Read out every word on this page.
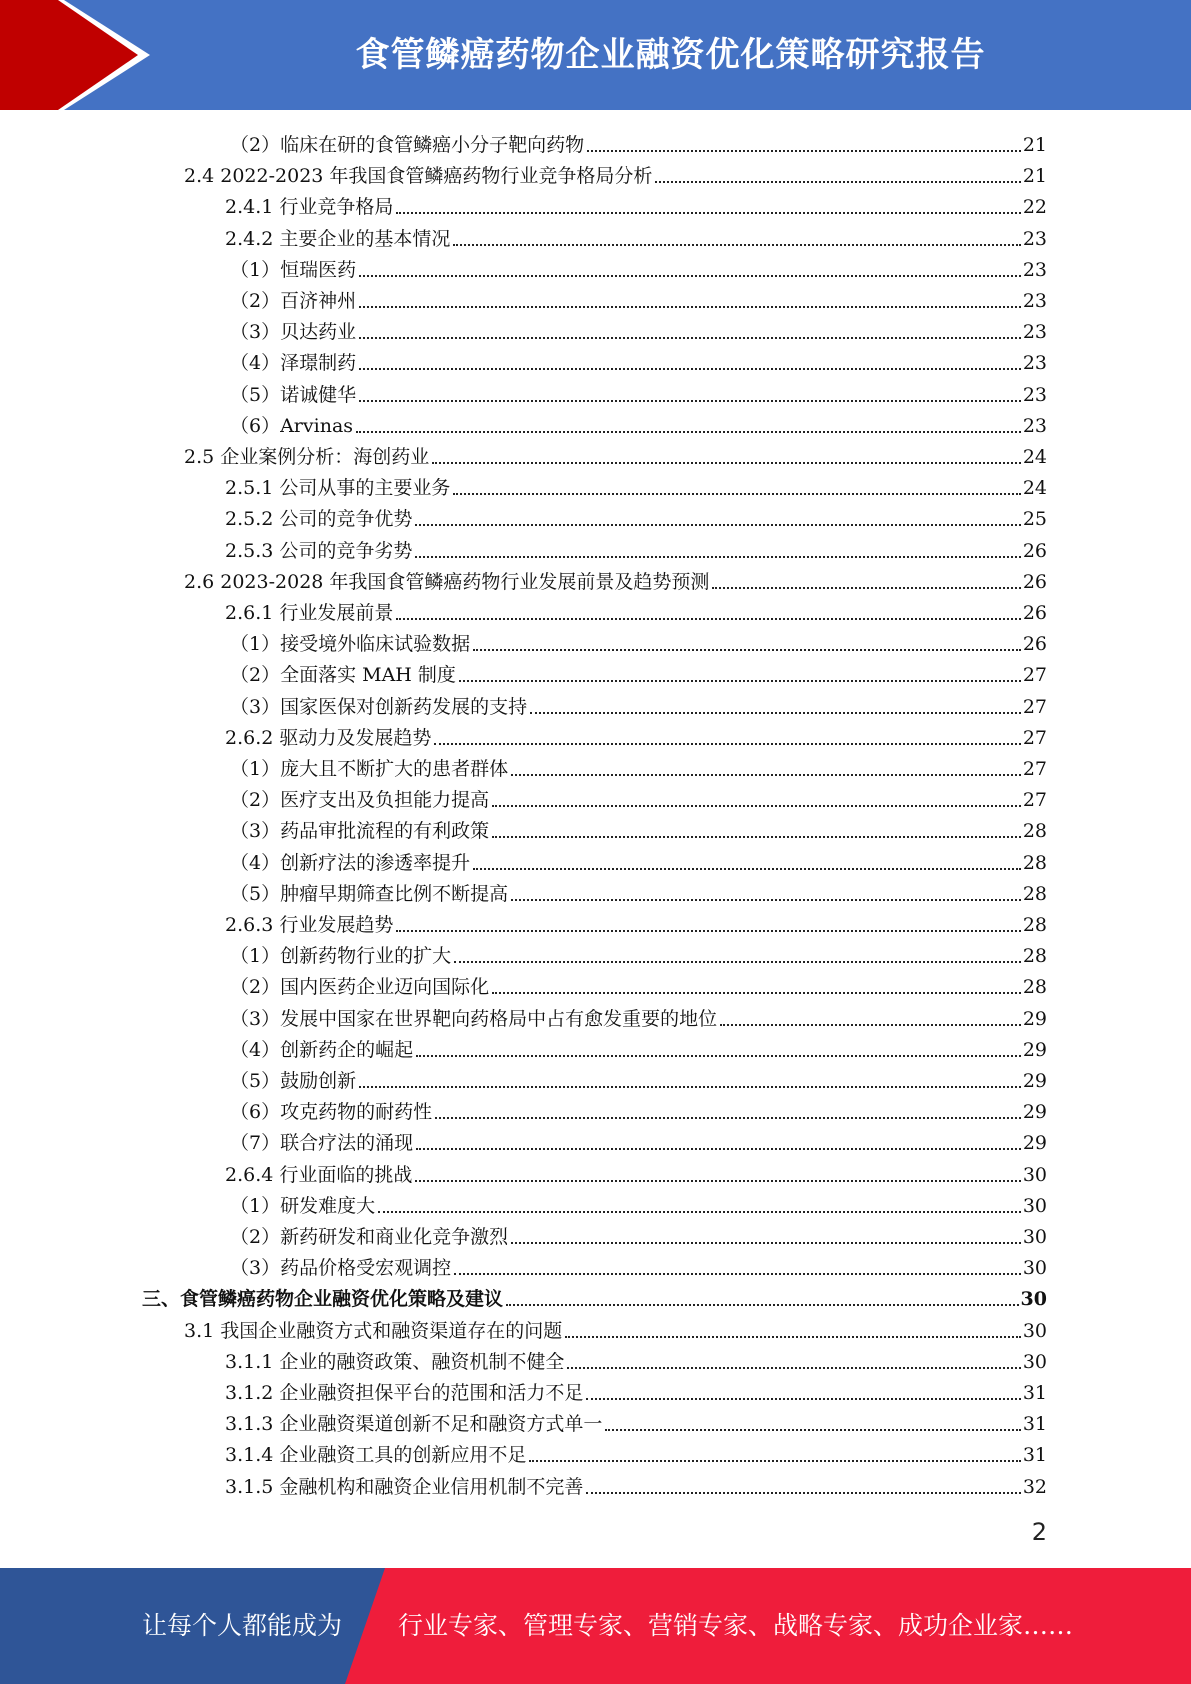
食管鳞癌药物企业融资优化策略研究报告
（2）临床在研的食管鳞癌小分子靶向药物	21
2.4 2022-2023 年我国食管鳞癌药物行业竞争格局分析	21
2.4.1 行业竞争格局	22
2.4.2 主要企业的基本情况	23
（1）恒瑞医药	23
（2）百济神州	23
（3）贝达药业	23
（4）泽璟制药	23
（5）诺诚健华	23
（6）Arvinas	23
2.5 企业案例分析：海创药业	24
2.5.1 公司从事的主要业务	24
2.5.2 公司的竞争优势	25
2.5.3 公司的竞争劣势	26
2.6 2023-2028 年我国食管鳞癌药物行业发展前景及趋势预测	26
2.6.1 行业发展前景	26
（1）接受境外临床试验数据	26
（2）全面落实 MAH 制度	27
（3）国家医保对创新药发展的支持	27
2.6.2 驱动力及发展趋势	27
（1）庞大且不断扩大的患者群体	27
（2）医疗支出及负担能力提高	27
（3）药品审批流程的有利政策	28
（4）创新疗法的渗透率提升	28
（5）肿瘤早期筛查比例不断提高	28
2.6.3 行业发展趋势	28
（1）创新药物行业的扩大	28
（2）国内医药企业迈向国际化	28
（3）发展中国家在世界靶向药格局中占有愈发重要的地位	29
（4）创新药企的崛起	29
（5）鼓励创新	29
（6）攻克药物的耐药性	29
（7）联合疗法的涌现	29
2.6.4 行业面临的挑战	30
（1）研发难度大	30
（2）新药研发和商业化竞争激烈	30
（3）药品价格受宏观调控	30
三、食管鳞癌药物企业融资优化策略及建议	30
3.1 我国企业融资方式和融资渠道存在的问题	30
3.1.1 企业的融资政策、融资机制不健全	30
3.1.2 企业融资担保平台的范围和活力不足	31
3.1.3 企业融资渠道创新不足和融资方式单一	31
3.1.4 企业融资工具的创新应用不足	31
3.1.5 金融机构和融资企业信用机制不完善	32
2
让每个人都能成为 行业专家、管理专家、营销专家、战略专家、成功企业家……
